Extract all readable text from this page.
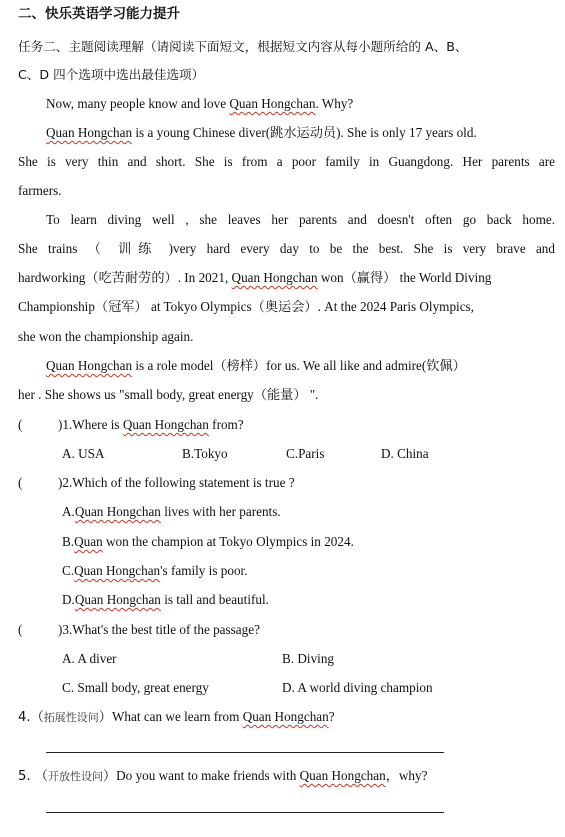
二、快乐英语学习能力提升
任务二、主题阅读理解（请阅读下面短文，根据短文内容从每小题所给的 A、B、
C、D 四个选项中选出最佳选项）
Now, many people know and love Quan Hongchan. Why?
Quan Hongchan is a young Chinese diver(跳水运动员). She is only 17 years old.
She is very thin and short. She is from a poor family in Guangdong. Her parents are
farmers.
To learn diving well , she leaves her parents and doesn't often go back home.
She trains （ 训练 )very hard every day to be the best. She is very brave and
hardworking（吃苦耐劳的）. In 2021, Quan Hongchan won（赢得） the World Diving
Championship（冠军） at Tokyo Olympics（奥运会）. At the 2024 Paris Olympics,
she won the championship again.
Quan Hongchan is a role model（榜样）for us. We all like and admire(钦佩）
her . She shows us "small body, great energy（能量） ".
(	)1.Where is Quan Hongchan from?
A. USA	B.Tokyo	C.Paris	D. China
(	)2.Which of the following statement is true ?
A.Quan Hongchan lives with her parents.
B.Quan won the champion at Tokyo Olympics in 2024.
C.Quan Hongchan's family is poor.
D.Quan Hongchan is tall and beautiful.
(	)3.What's the best title of the passage?
A. A diver	B. Diving
C. Small body, great energy	D. A world diving champion
4.（拓展性设问）What can we learn from Quan Hongchan?
5. （开放性设问）Do you want to make friends with Quan Hongchan，why?
